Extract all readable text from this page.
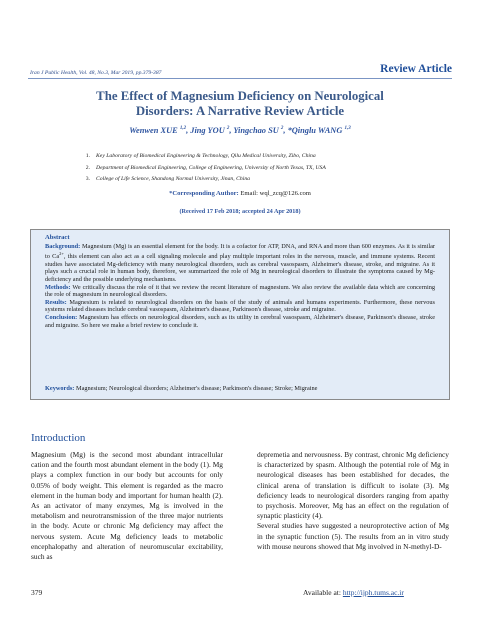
Iran J Public Health, Vol. 48, No.3, Mar 2019, pp.379-387	Review Article
The Effect of Magnesium Deficiency on Neurological
Disorders: A Narrative Review Article
Wenwen XUE $^{1,2}$, Jing YOU $^2$, Yingchao SU $^2$, *Qinglu WANG $^{1,3}$
1.	Key Laboratory of Biomedical Engineering & Technology, Qilu Medical University, Zibo, China
2.	Department of Biomedical Engineering, College of Engineering, University of North Texas, TX, USA
3.	College of Life Science, Shandong Normal University, Jinan, China
*Corresponding Author: Email: wql_zcq@126.com
(Received 17 Feb 2018; accepted 24 Apr 2018)
Abstract

Background: Magnesium (Mg) is an essential element for the body. It is a cofactor for ATP, DNA, and RNA and more than 600 enzymes. As it is similar to $Ca^{2+}$, this element can also act as a cell signaling molecule and play multiple important roles in the nervous, muscle, and immune systems. Recent studies have associated Mg-deficiency with many neurological disorders, such as cerebral vasospasm, Alzheimer's disease, stroke, and migraine. As it plays such a crucial role in human body, therefore, we summarized the role of Mg in neurological disorders to illustrate the symptoms caused by Mg-deficiency and the possible underlying mechanisms.

Methods: We critically discuss the role of it that we review the recent literature of magnesium. We also review the available data which are concerning the role of magnesium in neurological disorders.

Results: Magnesium is related to neurological disorders on the basis of the study of animals and humans experiments. Furthermore, these nervous systems related diseases include cerebral vasospasm, Alzheimer's disease, Parkinson's disease, stroke and migraine.

Conclusion: Magnesium has effects on neurological disorders, such as its utility in cerebral vasospasm, Alzheimer's disease, Parkinson's disease, stroke and migraine. So here we make a brief review to conclude it.

Keywords: Magnesium; Neurological disorders; Alzheimer's disease; Parkinson's disease; Stroke; Migraine
Introduction

Magnesium (Mg) is the second most abundant intracellular cation and the fourth most abundant element in the body (1). Mg plays a complex function in our body but accounts for only 0.05% of body weight. This element is regarded as the macro element in the human body and important for human health (2). As an activator of many enzymes, Mg is involved in the metabolism and neurotransmission of the three major nutrients in the body. Acute or chronic Mg deficiency may affect the nervous system. Acute Mg deficiency leads to metabolic encephalopathy and alteration of neuromuscular excitability, such as

depremetia and nervousness. By contrast, chronic Mg deficiency is characterized by spasm. Although the potential role of Mg in neurological diseases has been established for decades, the clinical arena of translation is difficult to isolate (3). Mg deficiency leads to neurological disorders ranging from apathy to psychosis. Moreover, Mg has an effect on the regulation of synaptic plasticity (4).

Several studies have suggested a neuroprotective action of Mg in the synaptic function (5). The results from an in vitro study with mouse neurons showed that Mg involved in N-methyl-D-

379	Available at: http://ijph.tums.ac.ir
